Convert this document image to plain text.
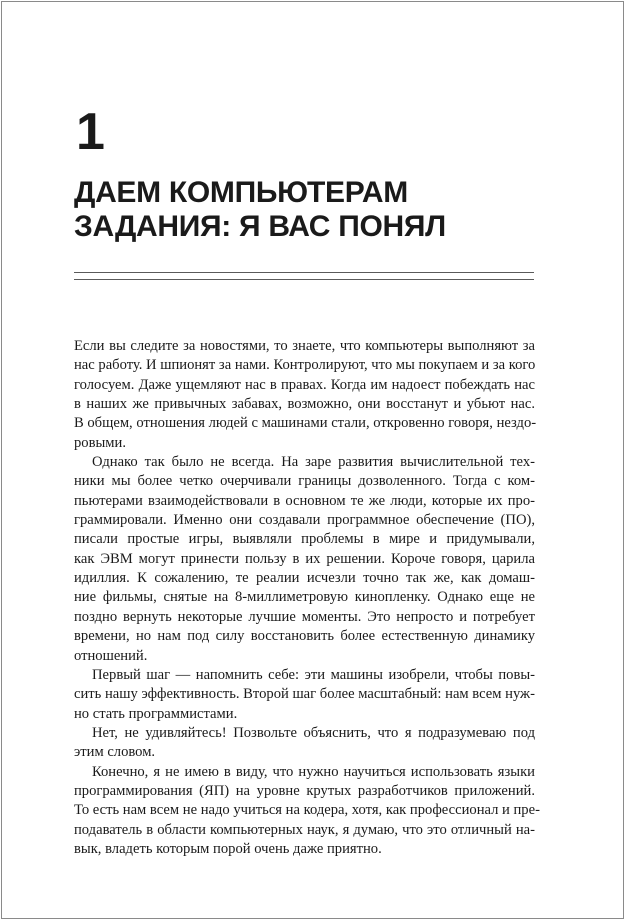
1
ДАЕМ КОМПЬЮТЕРАМ
ЗАДАНИЯ: Я ВАС ПОНЯЛ
Если вы следите за новостями, то знаете, что компьютеры выполняют за
нас работу. И шпионят за нами. Контролируют, что мы покупаем и за кого
голосуем. Даже ущемляют нас в правах. Когда им надоест побеждать нас
в наших же привычных забавах, возможно, они восстанут и убьют нас.
В общем, отношения людей с машинами стали, откровенно говоря, нездо-
ровыми.
Однако так было не всегда. На заре развития вычислительной тех-
ники мы более четко очерчивали границы дозволенного. Тогда с ком-
пьютерами взаимодействовали в основном те же люди, которые их про-
граммировали. Именно они создавали программное обеспечение (ПО),
писали простые игры, выявляли проблемы в мире и придумывали,
как ЭВМ могут принести пользу в их решении. Короче говоря, царила
идиллия. К сожалению, те реалии исчезли точно так же, как домаш-
ние фильмы, снятые на 8-миллиметровую кинопленку. Однако еще не
поздно вернуть некоторые лучшие моменты. Это непросто и потребует
времени, но нам под силу восстановить более естественную динамику
отношений.
Первый шаг — напомнить себе: эти машины изобрели, чтобы повы-
сить нашу эффективность. Второй шаг более масштабный: нам всем нуж-
но стать программистами.
Нет, не удивляйтесь! Позвольте объяснить, что я подразумеваю под
этим словом.
Конечно, я не имею в виду, что нужно научиться использовать языки
программирования (ЯП) на уровне крутых разработчиков приложений.
То есть нам всем не надо учиться на кодера, хотя, как профессионал и пре-
подаватель в области компьютерных наук, я думаю, что это отличный на-
вык, владеть которым порой очень даже приятно.
